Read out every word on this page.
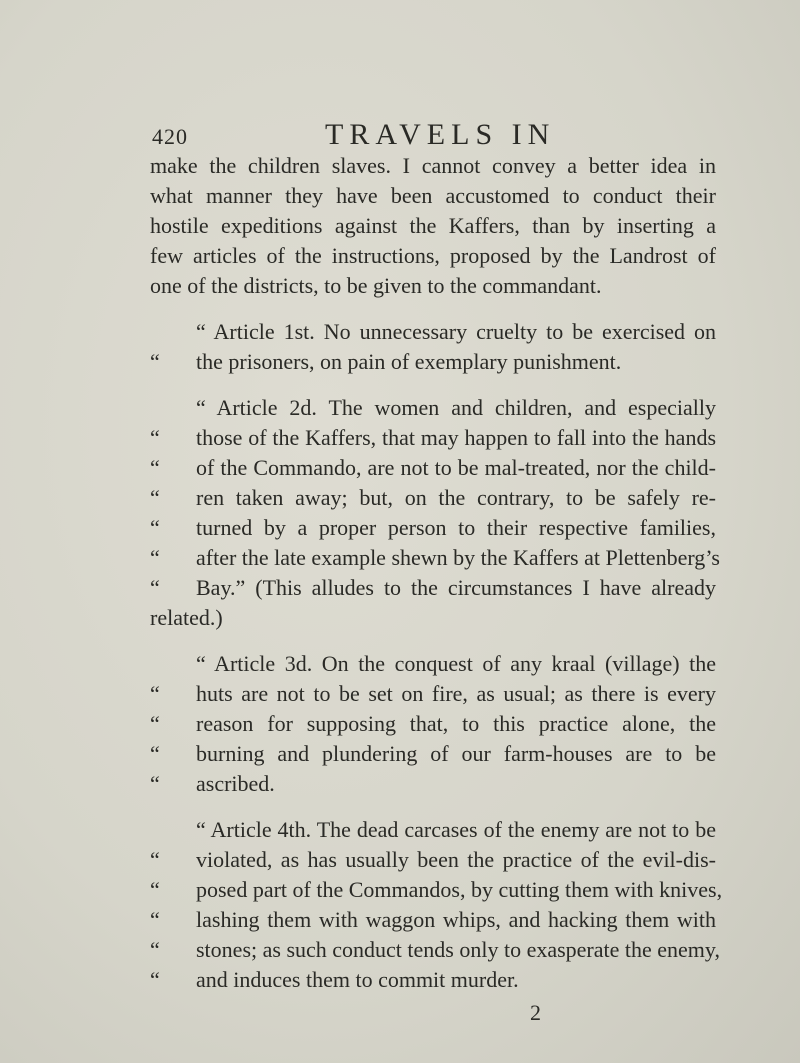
420	TRAVELS IN
make the children slaves. I cannot convey a better idea in
what manner they have been accustomed to conduct their
hostile expeditions against the Kaffers, than by inserting a
few articles of the instructions, proposed by the Landrost of
one of the districts, to be given to the commandant.
“ Article 1st. No unnecessary cruelty to be exercised on
“	the prisoners, on pain of exemplary punishment.
“ Article 2d. The women and children, and especially
“	those of the Kaffers, that may happen to fall into the hands
“	of the Commando, are not to be mal-treated, nor the child-
“	ren taken away; but, on the contrary, to be safely re-
“	turned by a proper person to their respective families,
“	after the late example shewn by the Kaffers at Plettenberg’s
“	Bay.” (This alludes to the circumstances I have already
related.)
“ Article 3d. On the conquest of any kraal (village) the
“	huts are not to be set on fire, as usual; as there is every
“	reason for supposing that, to this practice alone, the
“	burning and plundering of our farm-houses are to be
“	ascribed.
“ Article 4th. The dead carcases of the enemy are not to be
“	violated, as has usually been the practice of the evil-dis-
“	posed part of the Commandos, by cutting them with knives,
“	lashing them with waggon whips, and hacking them with
“	stones; as such conduct tends only to exasperate the enemy,
“	and induces them to commit murder.
2
